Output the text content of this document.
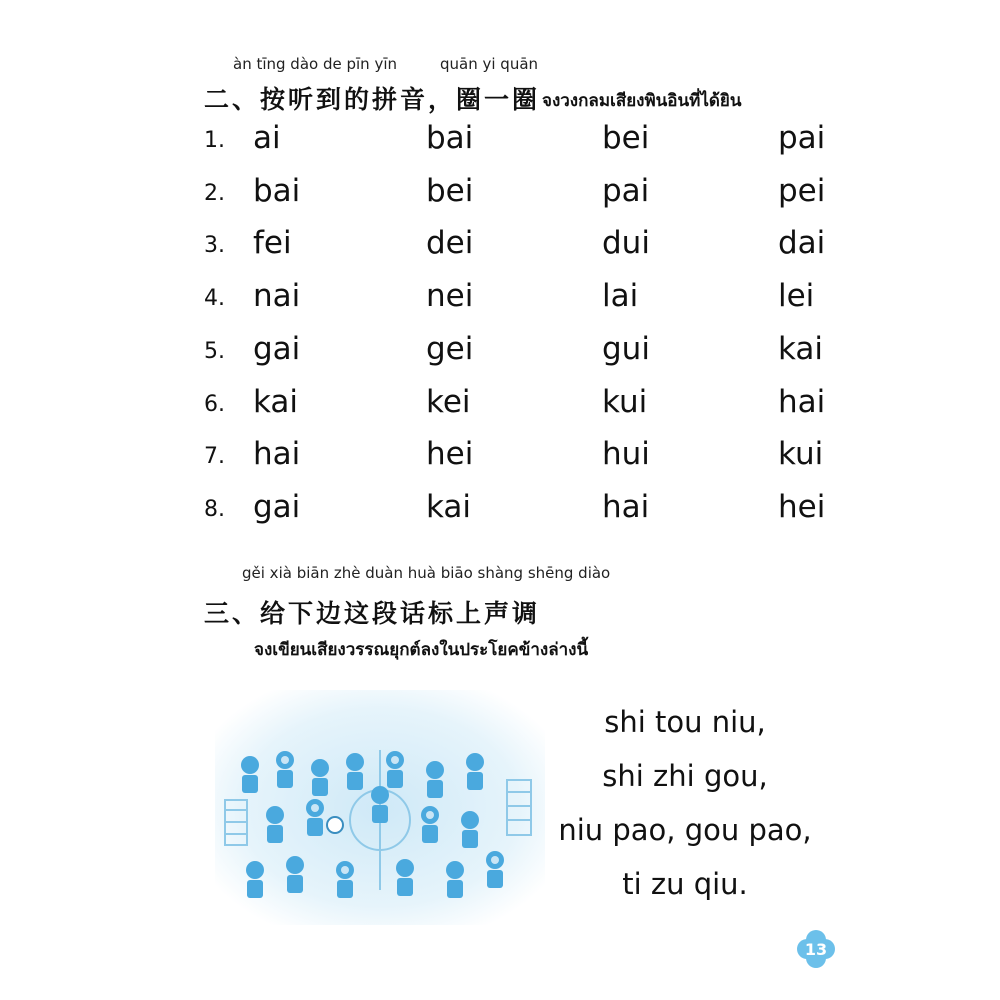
àn tīng dào de pīn yīn	quān yi quān
二、按听到的拼音，圈一圈 จงวงกลมเสียงพินอินที่ได้ยิน
1. ai	bai	bei	pai
2. bai	bei	pai	pei
3. fei	dei	dui	dai
4. nai	nei	lai	lei
5. gai	gei	gui	kai
6. kai	kei	kui	hai
7. hai	hei	hui	kui
8. gai	kai	hai	hei
gěi xià biān zhè duàn huà biāo shàng shēng diào
三、给下边这段话标上声调
จงเขียนเสียงวรรณยุกต์ลงในประโยคข้างล่างนี้
shi tou niu,
shi zhi gou,
niu pao, gou pao,
ti zu qiu.
13
